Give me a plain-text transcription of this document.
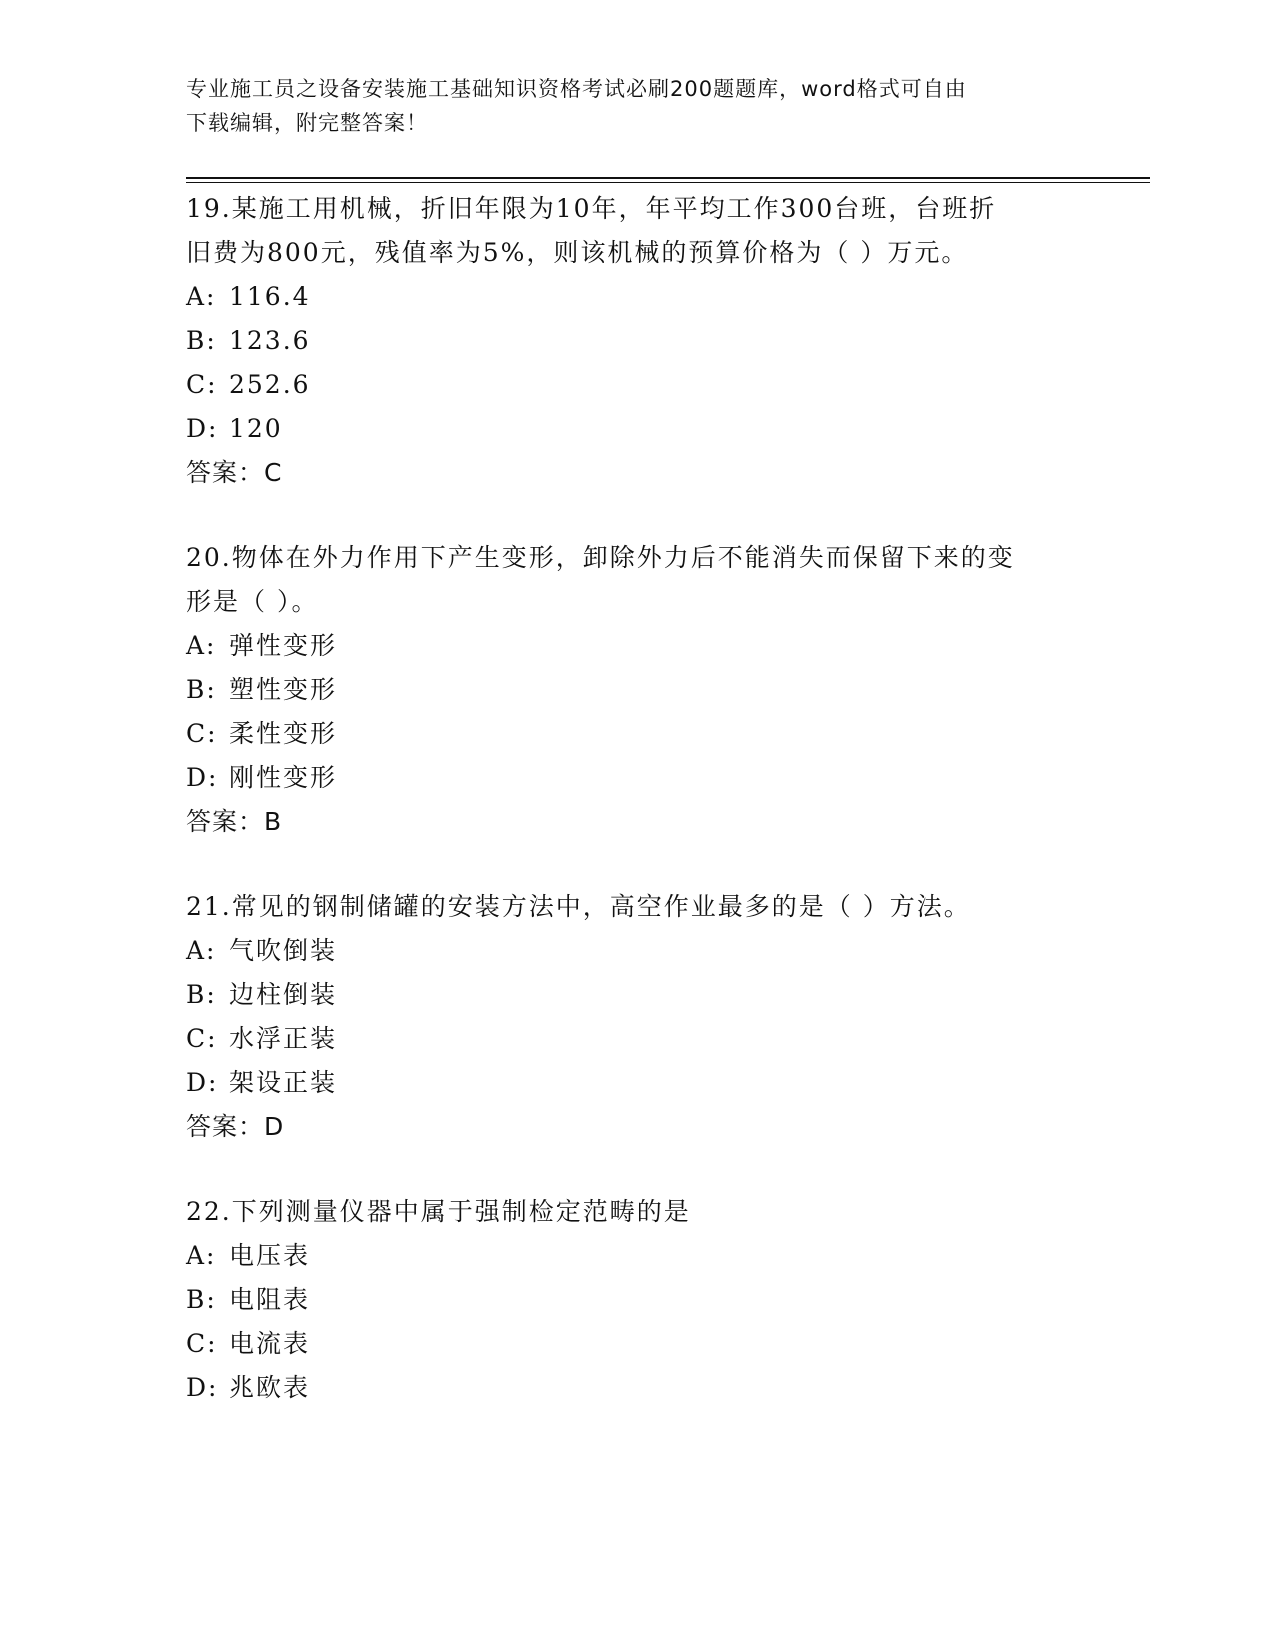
专业施工员之设备安装施工基础知识资格考试必刷200题题库，word格式可自由
下载编辑，附完整答案！

19.某施工用机械，折旧年限为10年，年平均工作300台班，台班折

旧费为800元，残值率为5%，则该机械的预算价格为（ ）万元。

A: 116.4

B: 123.6

C: 252.6

D: 120

答案：C

20.物体在外力作用下产生变形，卸除外力后不能消失而保留下来的变

形是（ ）。

A: 弹性变形

B: 塑性变形

C: 柔性变形

D: 刚性变形

答案：B

21.常见的钢制储罐的安装方法中，高空作业最多的是（ ）方法。

A: 气吹倒装

B: 边柱倒装

C: 水浮正装

D: 架设正装

答案：D

22.下列测量仪器中属于强制检定范畴的是

A: 电压表

B: 电阻表

C: 电流表

D: 兆欧表
